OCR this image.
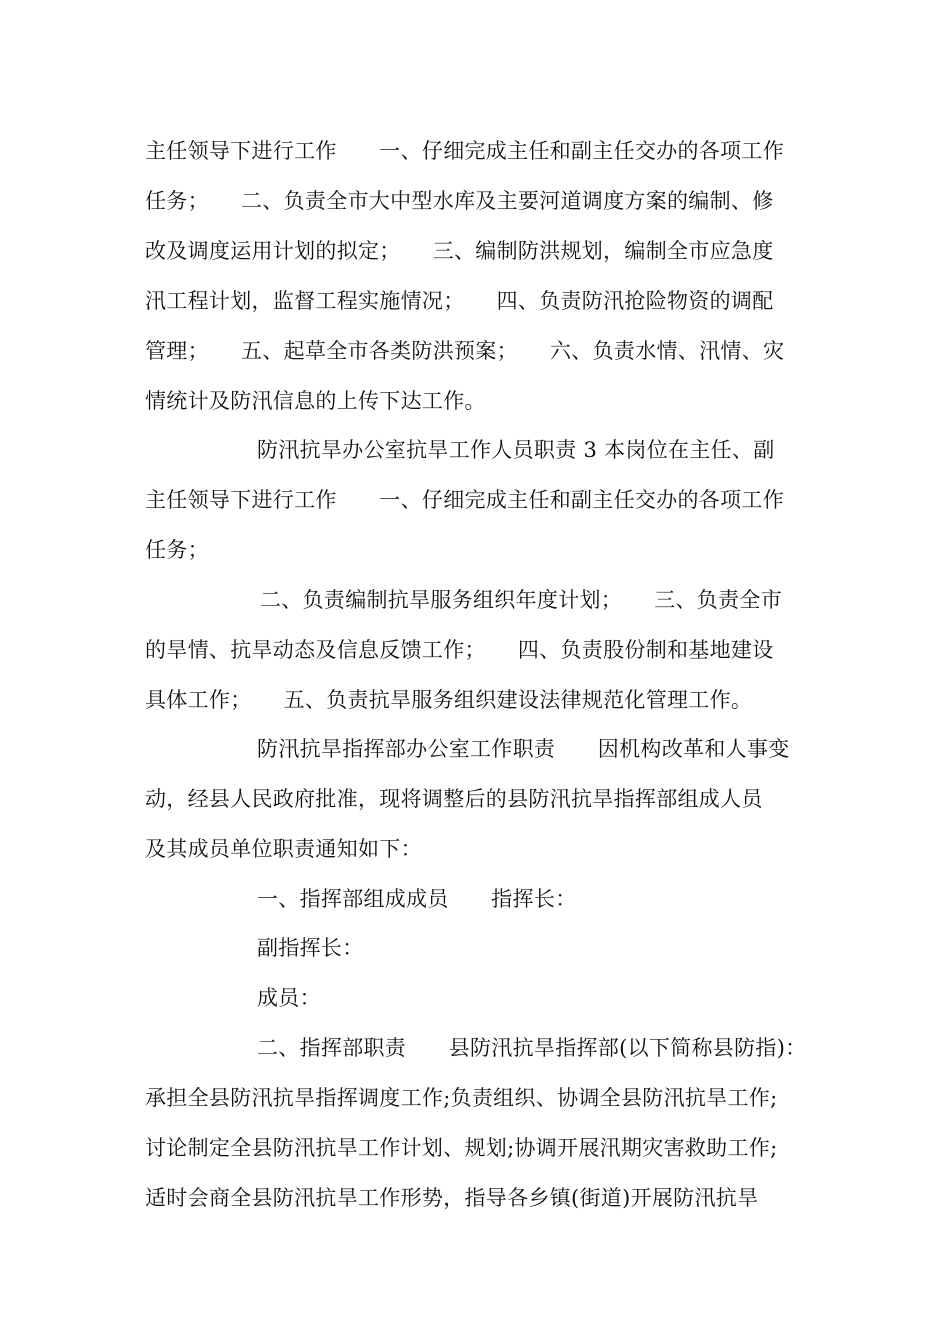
主任领导下进行工作　　一、仔细完成主任和副主任交办的各项工作
任务；　　二、负责全市大中型水库及主要河道调度方案的编制、修
改及调度运用计划的拟定；　　三、编制防洪规划，编制全市应急度
汛工程计划，监督工程实施情况；　　四、负责防汛抢险物资的调配
管理；　　五、起草全市各类防洪预案；　　六、负责水情、汛情、灾
情统计及防汛信息的上传下达工作。
防汛抗旱办公室抗旱工作人员职责 3 本岗位在主任、副
主任领导下进行工作　　一、仔细完成主任和副主任交办的各项工作
任务；
二、负责编制抗旱服务组织年度计划；　　三、负责全市
的旱情、抗旱动态及信息反馈工作；　　四、负责股份制和基地建设
具体工作；　　五、负责抗旱服务组织建设法律规范化管理工作。
防汛抗旱指挥部办公室工作职责　　因机构改革和人事变
动，经县人民政府批准，现将调整后的县防汛抗旱指挥部组成人员
及其成员单位职责通知如下：
一、指挥部组成成员　　指挥长：
副指挥长：
成员：
二、指挥部职责　　县防汛抗旱指挥部(以下简称县防指)：
承担全县防汛抗旱指挥调度工作;负责组织、协调全县防汛抗旱工作;
讨论制定全县防汛抗旱工作计划、规划;协调开展汛期灾害救助工作;
适时会商全县防汛抗旱工作形势，指导各乡镇(街道)开展防汛抗旱
